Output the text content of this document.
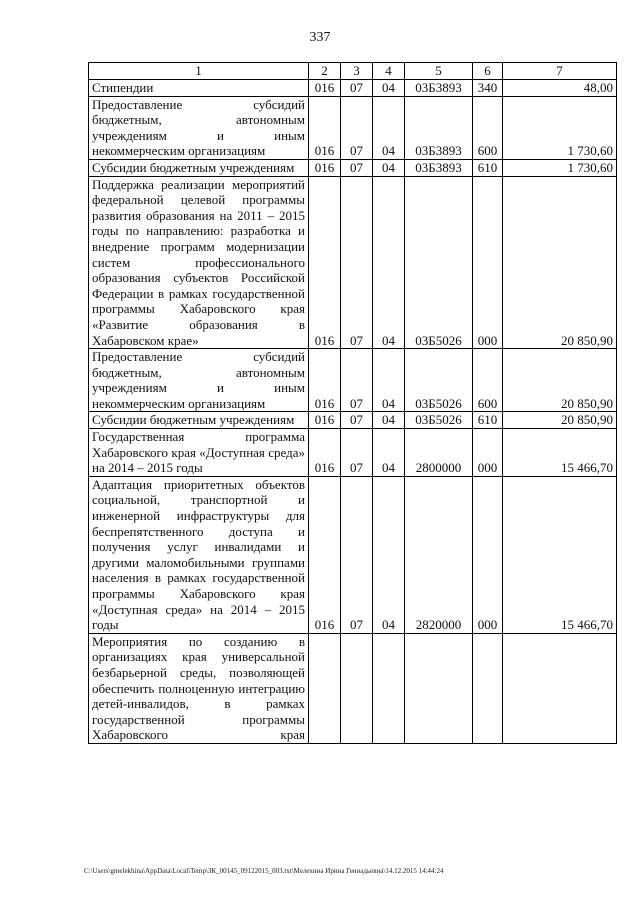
337
1	2	3	4	5	6	7
Стипендии	016	07	04	03Б3893	340	48,00
Предоставление субсидий бюджетным, автономным учреждениям и иным некоммерческим организациям	016	07	04	03Б3893	600	1 730,60
Субсидии бюджетным учреждениям	016	07	04	03Б3893	610	1 730,60
Поддержка реализации мероприятий федеральной целевой программы развития образования на 2011 – 2015 годы по направлению: разработка и внедрение программ модернизации систем профессионального образования субъектов Российской Федерации в рамках государственной программы Хабаровского края «Развитие образования в Хабаровском крае»	016	07	04	03Б5026	000	20 850,90
Предоставление субсидий бюджетным, автономным учреждениям и иным некоммерческим организациям	016	07	04	03Б5026	600	20 850,90
Субсидии бюджетным учреждениям	016	07	04	03Б5026	610	20 850,90
Государственная программа Хабаровского края «Доступная среда» на 2014 – 2015 годы	016	07	04	2800000	000	15 466,70
Адаптация приоритетных объектов социальной, транспортной и инженерной инфраструктуры для беспрепятственного доступа и получения услуг инвалидами и другими маломобильными группами населения в рамках государственной программы Хабаровского края «Доступная среда» на 2014 – 2015 годы	016	07	04	2820000	000	15 466,70
Мероприятия по созданию в организациях края универсальной безбарьерной среды, позволяющей обеспечить полноценную интеграцию детей-инвалидов, в рамках государственной программы Хабаровского края						
C:\Users\gmelekhina\AppData\Local\Temp\ЗК_00145_09122015_003.txt\Мелехина Ирина Геннадьевна\14.12.2015 14:44:24
